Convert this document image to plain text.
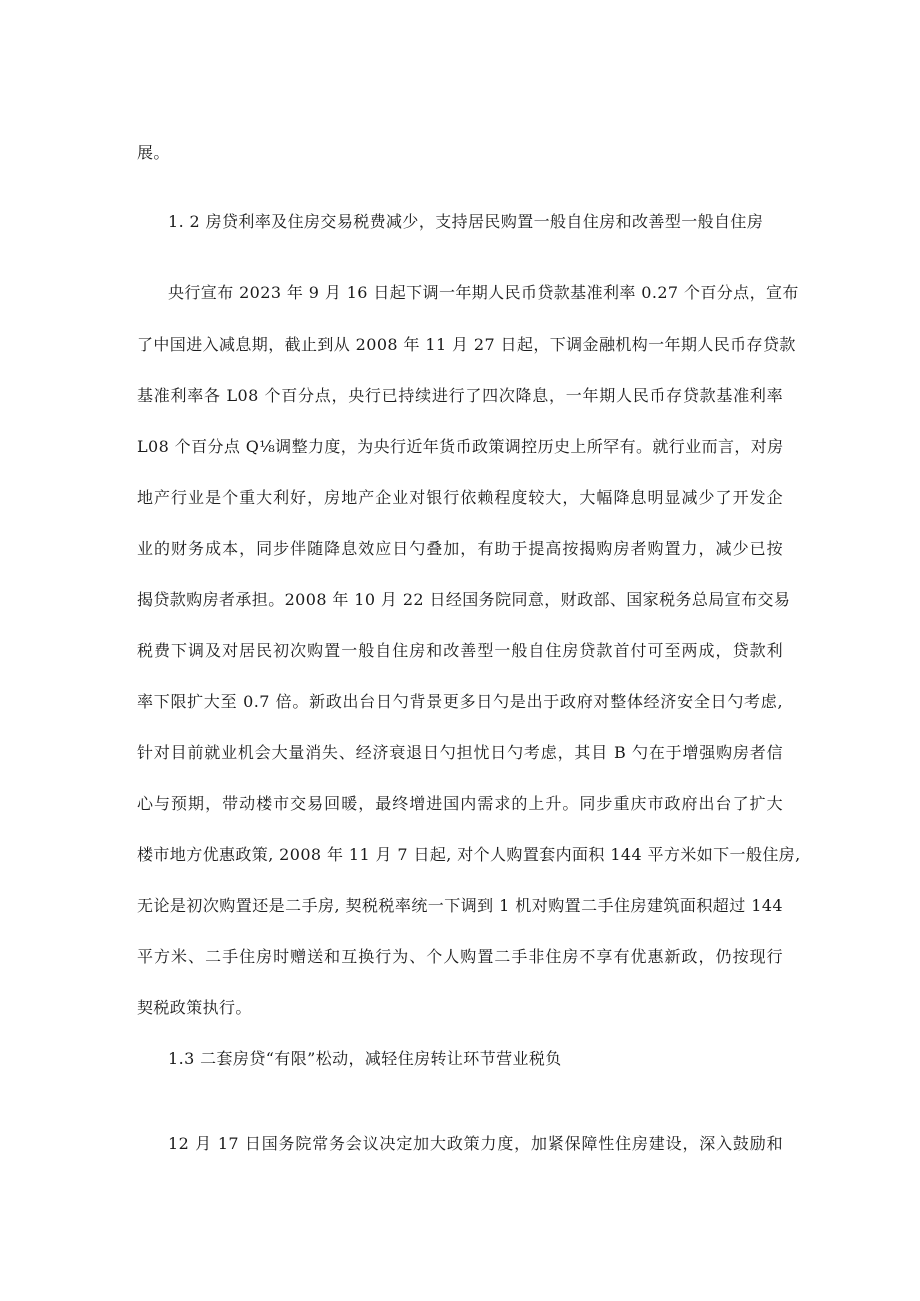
展。
1. 2 房贷利率及住房交易税费减少，支持居民购置一般自住房和改善型一般自住房
央行宣布 2023 年 9 月 16 日起下调一年期人民币贷款基准利率 0.27 个百分点，宣布
了中国进入减息期，截止到从 2008 年 11 月 27 日起，下调金融机构一年期人民币存贷款
基准利率各 L08 个百分点，央行已持续进行了四次降息，一年期人民币存贷款基准利率
L08 个百分点 Q⅛调整力度，为央行近年货币政策调控历史上所罕有。就行业而言，对房
地产行业是个重大利好，房地产企业对银行依赖程度较大，大幅降息明显减少了开发企
业的财务成本，同步伴随降息效应日勺叠加，有助于提高按揭购房者购置力，减少已按
揭贷款购房者承担。2008 年 10 月 22 日经国务院同意，财政部、国家税务总局宣布交易
税费下调及对居民初次购置一般自住房和改善型一般自住房贷款首付可至两成，贷款利
率下限扩大至 0.7 倍。新政出台日勺背景更多日勺是出于政府对整体经济安全日勺考虑,
针对目前就业机会大量消失、经济衰退日勺担忧日勺考虑，其目 B 勺在于增强购房者信
心与预期，带动楼市交易回暖，最终增进国内需求的上升。同步重庆市政府出台了扩大
楼市地方优惠政策, 2008 年 11 月 7 日起, 对个人购置套内面积 144 平方米如下一般住房,
无论是初次购置还是二手房, 契税税率统一下调到 1 机对购置二手住房建筑面积超过 144
平方米、二手住房时赠送和互换行为、个人购置二手非住房不享有优惠新政，仍按现行
契税政策执行。
1.3 二套房贷“有限”松动，减轻住房转让环节营业税负
12 月 17 日国务院常务会议决定加大政策力度，加紧保障性住房建设，深入鼓励和
